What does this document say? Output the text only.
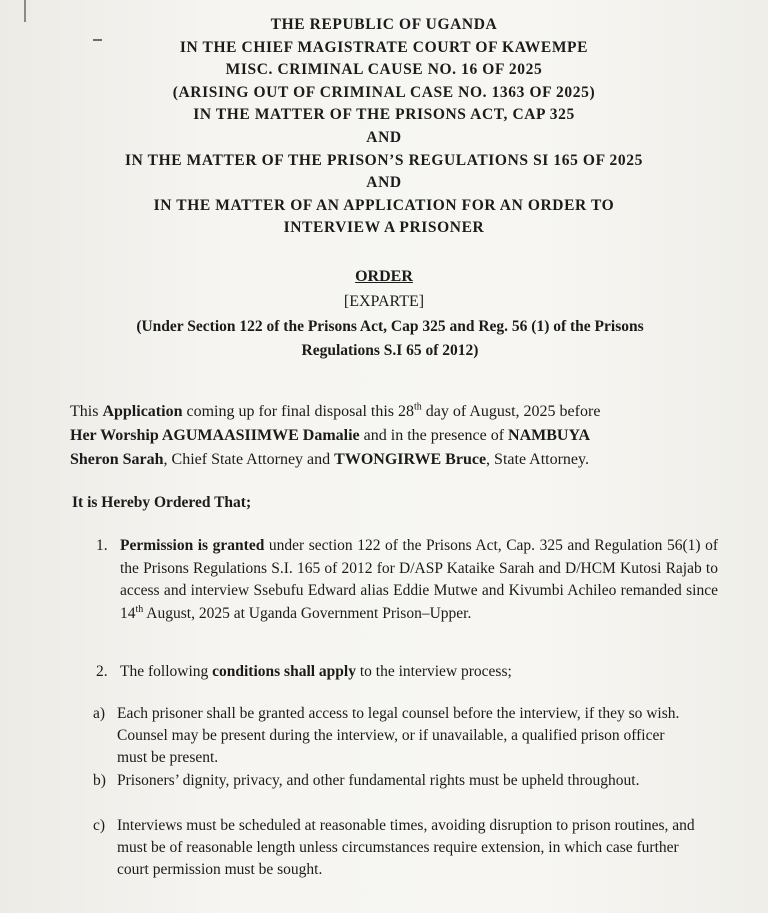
THE REPUBLIC OF UGANDA
IN THE CHIEF MAGISTRATE COURT OF KAWEMPE
MISC. CRIMINAL CAUSE NO. 16 OF 2025
(ARISING OUT OF CRIMINAL CASE NO. 1363 OF 2025)
IN THE MATTER OF THE PRISONS ACT, CAP 325
AND
IN THE MATTER OF THE PRISON’S REGULATIONS SI 165 OF 2025
AND
IN THE MATTER OF AN APPLICATION FOR AN ORDER TO
INTERVIEW A PRISONER
ORDER
[EXPARTE]
(Under Section 122 of the Prisons Act, Cap 325 and Reg. 56 (1) of the Prisons
Regulations S.I 65 of 2012)
This Application coming up for final disposal this 28th day of August, 2025 before
Her Worship AGUMAASIIMWE Damalie and in the presence of NAMBUYA
Sheron Sarah, Chief State Attorney and TWONGIRWE Bruce, State Attorney.
It is Hereby Ordered That;
1. Permission is granted under section 122 of the Prisons Act, Cap. 325 and Regulation 56(1) of the Prisons Regulations S.I. 165 of 2012 for D/ASP Kataike Sarah and D/HCM Kutosi Rajab to access and interview Ssebufu Edward alias Eddie Mutwe and Kivumbi Achileo remanded since 14th August, 2025 at Uganda Government Prison–Upper.
2. The following conditions shall apply to the interview process;
a) Each prisoner shall be granted access to legal counsel before the interview, if they so wish. Counsel may be present during the interview, or if unavailable, a qualified prison officer must be present.
b) Prisoners’ dignity, privacy, and other fundamental rights must be upheld throughout.
c) Interviews must be scheduled at reasonable times, avoiding disruption to prison routines, and must be of reasonable length unless circumstances require extension, in which case further court permission must be sought.
